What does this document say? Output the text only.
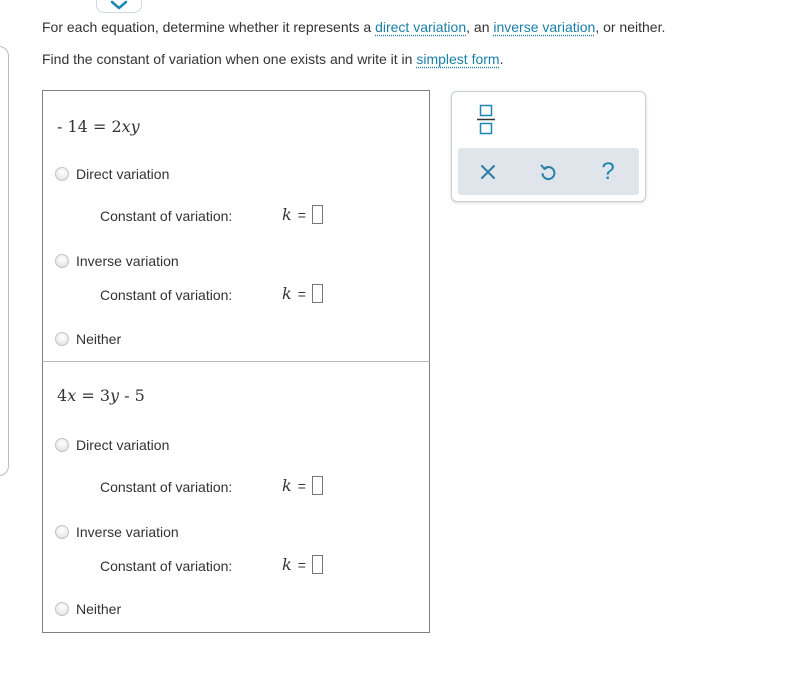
For each equation, determine whether it represents a direct variation, an inverse variation, or neither.
Find the constant of variation when one exists and write it in simplest form.
- 14 = 2xy
Direct variation
Constant of variation:	k =
Inverse variation
Constant of variation:	k =
Neither
4x = 3y - 5
Direct variation
Constant of variation:	k =
Inverse variation
Constant of variation:	k =
Neither
?
